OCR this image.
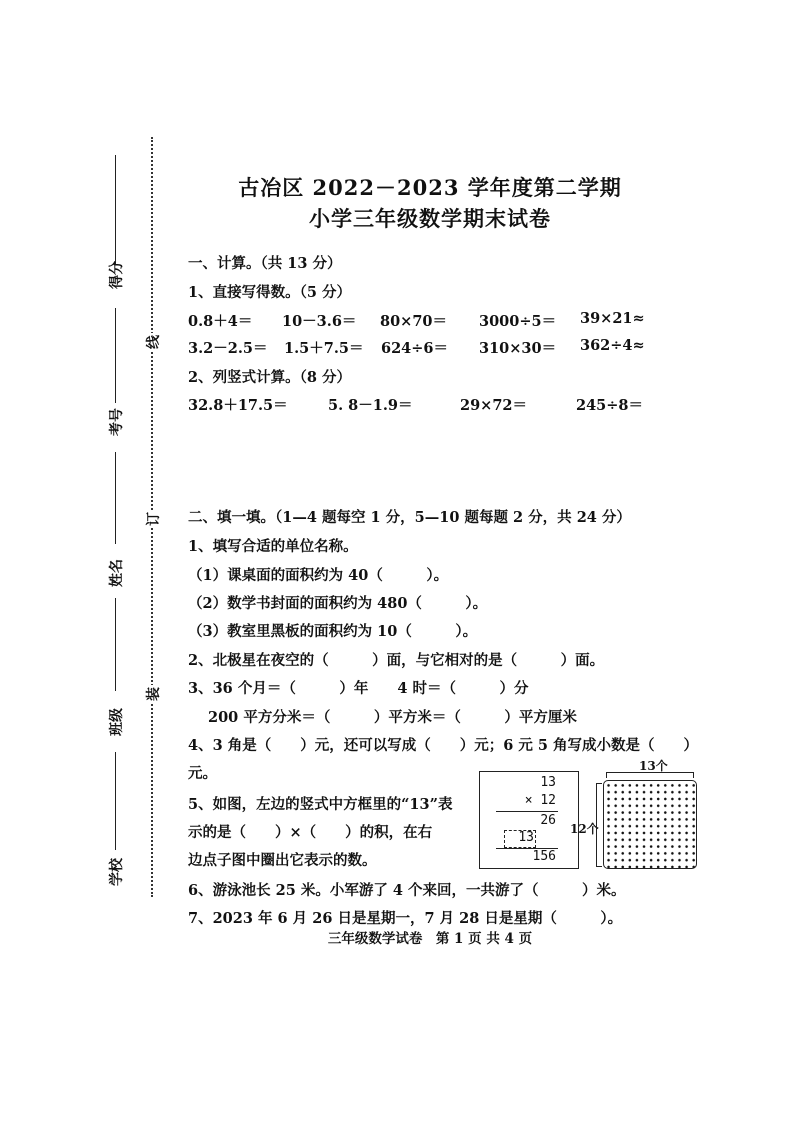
得分
考号
姓名
班级
学校
线
订
装
古冶区 2022－2023 学年度第二学期
小学三年级数学期末试卷
一、计算。（共 13 分）
1、直接写得数。（5 分）
0.8＋4＝ 10－3.6＝ 80×70＝ 3000÷5＝ 39×21≈
3.2－2.5＝ 1.5＋7.5＝ 624÷6＝ 310×30＝ 362÷4≈
2、列竖式计算。（8 分）
32.8＋17.5＝	5. 8－1.9＝	29×72＝	245÷8＝
二、填一填。（1—4 题每空 1 分，5—10 题每题 2 分，共 24 分）
1、填写合适的单位名称。
（1）课桌面的面积约为 40（　　　）。
（2）数学书封面的面积约为 480（　　　）。
（3）教室里黑板的面积约为 10（　　　）。
2、北极星在夜空的（　　　）面，与它相对的是（　　　）面。
3、36 个月＝（　　　）年　　4 时＝（　　　）分
200 平方分米＝（　　　）平方米＝（　　　）平方厘米
4、3 角是（　　）元，还可以写成（　　）元；6 元 5 角写成小数是（　　）
元。
5、如图，左边的竖式中方框里的“13”表
示的是（　　）×（　　）的积，在右
边点子图中圈出它表示的数。
13
× 12
26
13
156
13个
12个
6、游泳池长 25 米。小军游了 4 个来回，一共游了（　　　）米。
7、2023 年 6 月 26 日是星期一，7 月 28 日是星期（　　　）。
三年级数学试卷　第 1 页 共 4 页
